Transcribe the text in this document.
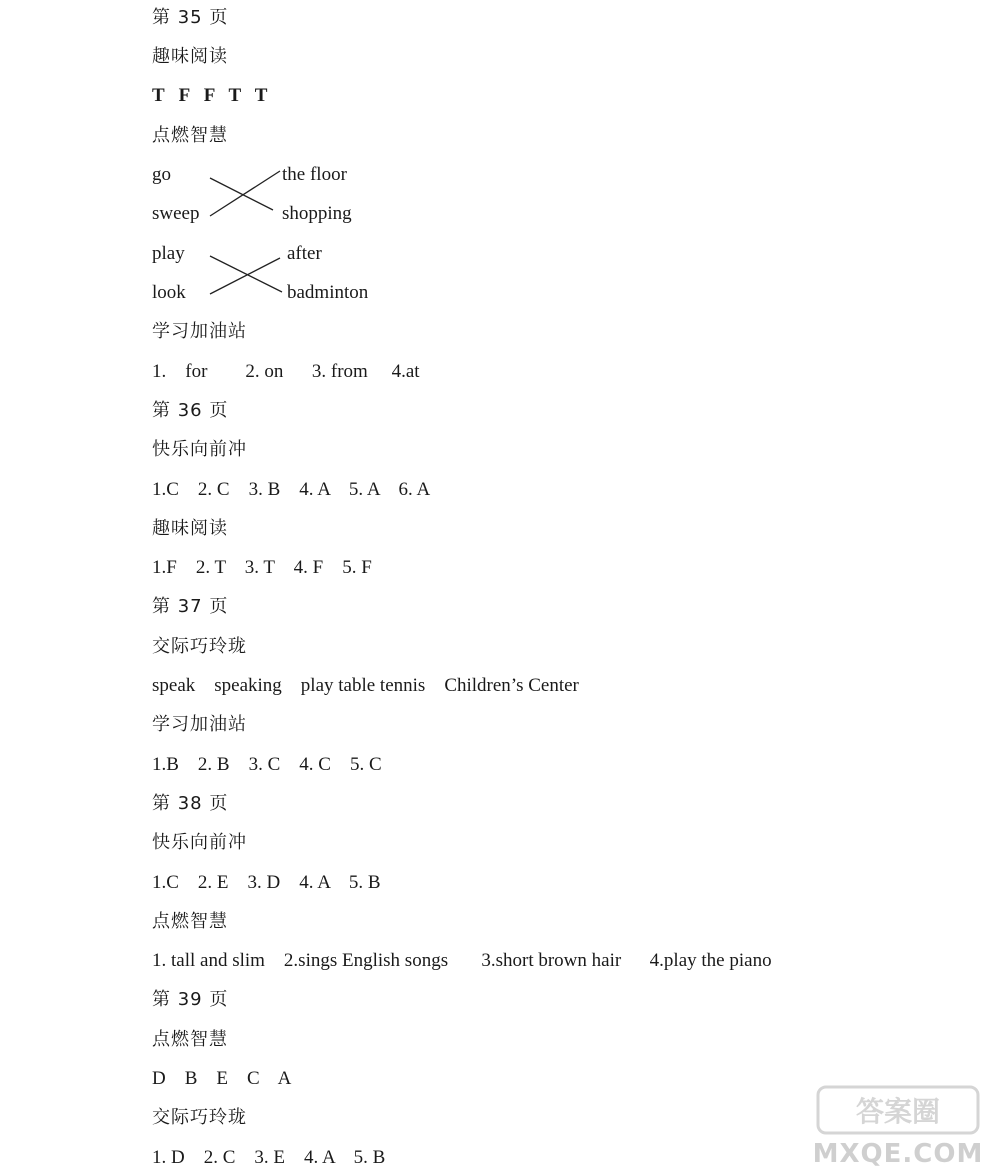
第 35 页
趣味阅读
T   F   F   T   T
点燃智慧
go
sweep
the floor
shopping
play
look
after
badminton
学习加油站
1.    for        2. on      3. from     4.at
第 36 页
快乐向前冲
1.C    2. C    3. B    4. A    5. A    6. A
趣味阅读
1.F    2. T    3. T    4. F    5. F
第 37 页
交际巧玲珑
speak    speaking    play table tennis    Children’s Center
学习加油站
1.B    2. B    3. C    4. C    5. C
第 38 页
快乐向前冲
1.C    2. E    3. D    4. A    5. B
点燃智慧
1. tall and slim    2.sings English songs       3.short brown hair      4.play the piano
第 39 页
点燃智慧
D    B    E    C    A
交际巧玲珑
1. D    2. C    3. E    4. A    5. B
答案圈
MXQE.COM
